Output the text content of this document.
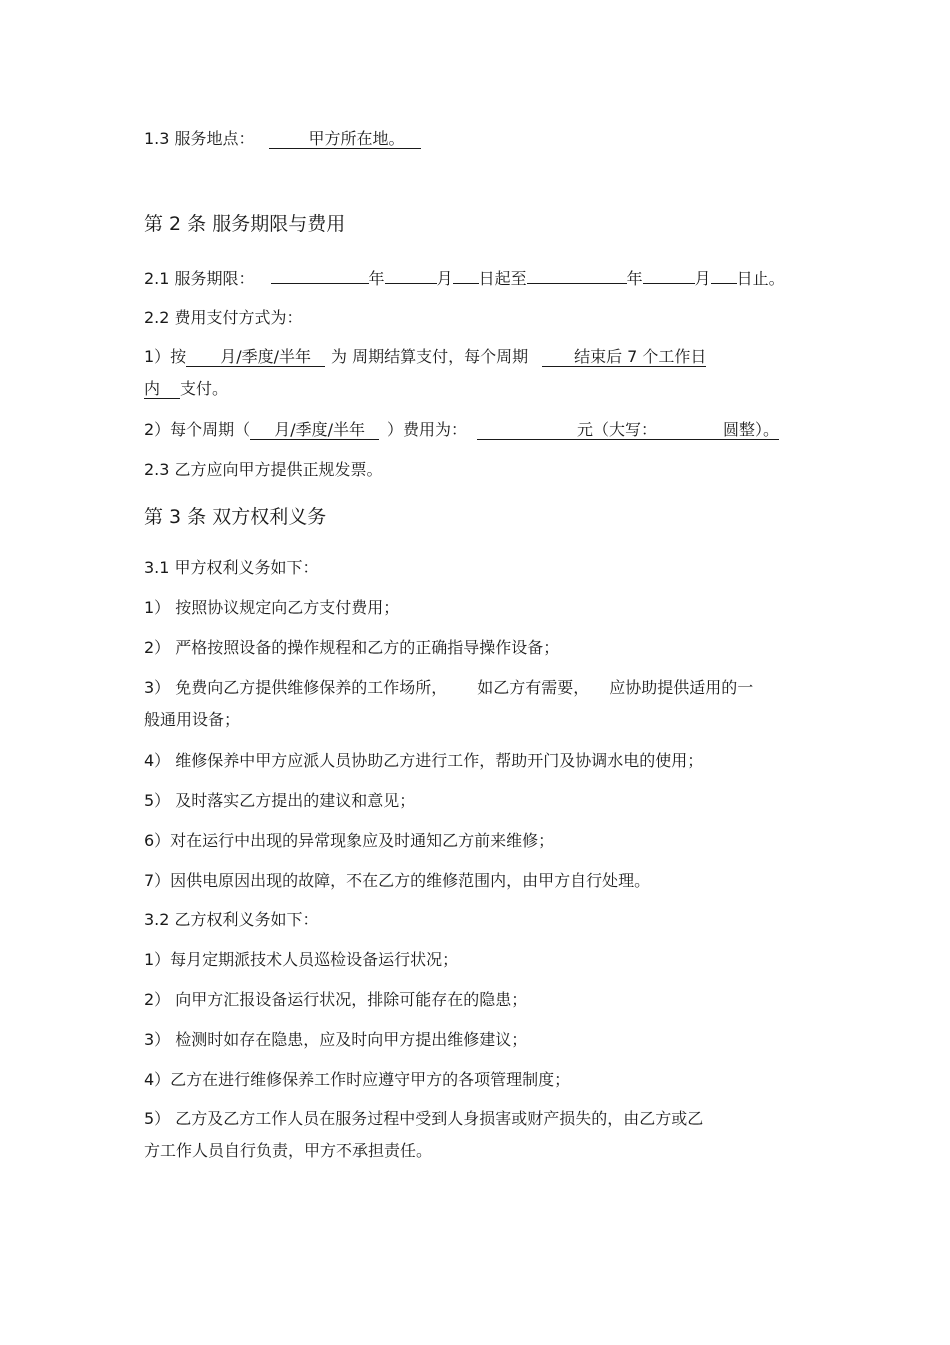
1.3 服务地点：	甲方所在地。
第 2 条 服务期限与费用
2.1 服务期限：	年	月 日起至	年	月 日止。
2.2 费用支付方式为：
1）按 月/季度/半年 为 周期结算支付，每个周期	结束后 7 个工作日
内 支付。
2）每个周期（ 月/季度/半年 ）费用为：	元（大写：	圆整）。
2.3 乙方应向甲方提供正规发票。
第 3 条 双方权利义务
3.1 甲方权利义务如下：
1） 按照协议规定向乙方支付费用；
2） 严格按照设备的操作规程和乙方的正确指导操作设备；
3） 免费向乙方提供维修保养的工作场所， 如乙方有需要， 应协助提供适用的一
般通用设备；
4） 维修保养中甲方应派人员协助乙方进行工作，帮助开门及协调水电的使用；
5） 及时落实乙方提出的建议和意见；
6）对在运行中出现的异常现象应及时通知乙方前来维修；
7）因供电原因出现的故障，不在乙方的维修范围内，由甲方自行处理。
3.2 乙方权利义务如下：
1）每月定期派技术人员巡检设备运行状况；
2） 向甲方汇报设备运行状况，排除可能存在的隐患；
3） 检测时如存在隐患，应及时向甲方提出维修建议；
4）乙方在进行维修保养工作时应遵守甲方的各项管理制度；
5） 乙方及乙方工作人员在服务过程中受到人身损害或财产损失的，由乙方或乙
方工作人员自行负责，甲方不承担责任。
